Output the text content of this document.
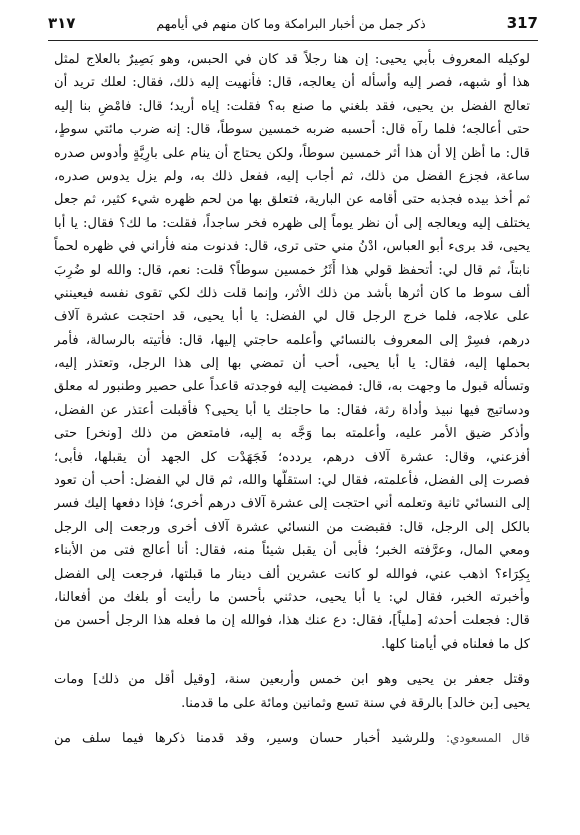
٣١٧	ذكر جمل من أخبار البرامكة وما كان منهم في أيامهم	317
لوكيله المعروف بأبي يحيى: إن هنا رجلاً قد كان في الحبس، وهو بَصِيرٌ بالعلاج لمثل
هذا أو شبهه، فصر إليه وأسأله أن يعالجه، قال: فأنهيت إليه ذلك، فقال: لعلك تريد أن
تعالج الفضل بن يحيى، فقد بلغني ما صنع به؟ فقلت: إياه أريد؛ قال: فامْضِ بنا إليه
حتى أعالجه؛ فلما رآه قال: أحسبه ضربه خمسين سوطاً، قال: إنه ضرب مائتي سوطٍ،
قال: ما أظن إلا أن هذا أثر خمسين سوطاً، ولكن يحتاج أن ينام على بارِيَّةٍ وأدوس صدره
ساعة، فجزع الفضل من ذلك، ثم أجاب إليه، ففعل ذلك به، ولم يزل يدوس صدره،
ثم أخذ بيده فجذبه حتى أقامه عن البارية، فتعلق بها من لحم ظهره شيء كثير، ثم جعل
يختلف إليه ويعالجه إلى أن نظر يوماً إلى ظهره فخر ساجداً، فقلت: ما لك؟ فقال: يا أبا
يحيى، قد برىء أبو العباس، ادْنُ مني حتى ترى، قال: فدنوت منه فأراني في ظهره لحماً
نابتاً، ثم قال لي: أتحفظ قولي هذا أَثَرُ خمسين سوطاً؟ قلت: نعم، قال: والله لو ضُرِبَ
ألف سوط ما كان أثرها بأشد من ذلك الأثر، وإنما قلت ذلك لكي تقوى نفسه فيعينني
على علاجه، فلما خرج الرجل قال لي الفضل: يا أبا يحيى، قد احتجت عشرة آلاف
درهم، فسِرْ إلى المعروف بالنسائي وأعلمه حاجتي إليها، قال: فأتيته بالرسالة، فأمر
بحملها إليه، فقال: يا أبا يحيى، أحب أن تمضي بها إلى هذا الرجل، وتعتذر إليه،
وتسأله قبول ما وجهت به، قال: فمضيت إليه فوجدته قاعداً على حصير وطنبور له معلق
ودساتيج فيها نبيذ وأداة رثة، فقال: ما حاجتك يا أبا يحيى؟ فأقبلت أعتذر عن الفضل،
وأذكر ضيق الأمر عليه، وأعلمته بما وَجَّه به إليه، فامتعض من ذلك [ونخر] حتى
أفزعني، وقال: عشرة آلاف درهم، يردده؛ فَجَهَدْت كل الجهد أن يقبلها، فأبى؛
فصرت إلى الفضل، فأعلمته، فقال لي: استقلَّها والله، ثم قال لي الفضل: أحب أن تعود
إلى النسائي ثانية وتعلمه أني احتجت إلى عشرة آلاف درهم أخرى؛ فإذا دفعها إليك فسر
بالكل إلى الرجل، قال: فقبضت من النسائي عشرة آلاف أخرى ورجعت إلى الرجل
ومعي المال، وعرَّفته الخبر؛ فأبى أن يقبل شيئاً منه، فقال: أنا أعالج فتى من الأبناء
بِكِرَاء؟ اذهب عني، فوالله لو كانت عشرين ألف دينار ما قبلتها، فرجعت إلى الفضل
وأخبرته الخبر، فقال لي: يا أبا يحيى، حدثني بأحسن ما رأيت أو بلغك من أفعالنا،
قال: فجعلت أحدثه [ملياً]، فقال: دع عنك هذا، فوالله إن ما فعله هذا الرجل أحسن من
كل ما فعلناه في أيامنا كلها.
وقتل جعفر بن يحيى وهو ابن خمس وأربعين سنة، [وقيل أقل من ذلك] ومات
يحيى [بن خالد] بالرقة في سنة تسع وثمانين ومائة على ما قدمنا.
قال المسعودي: وللرشيد أخبار حسان وسير، وقد قدمنا ذكرها فيما سلف من
